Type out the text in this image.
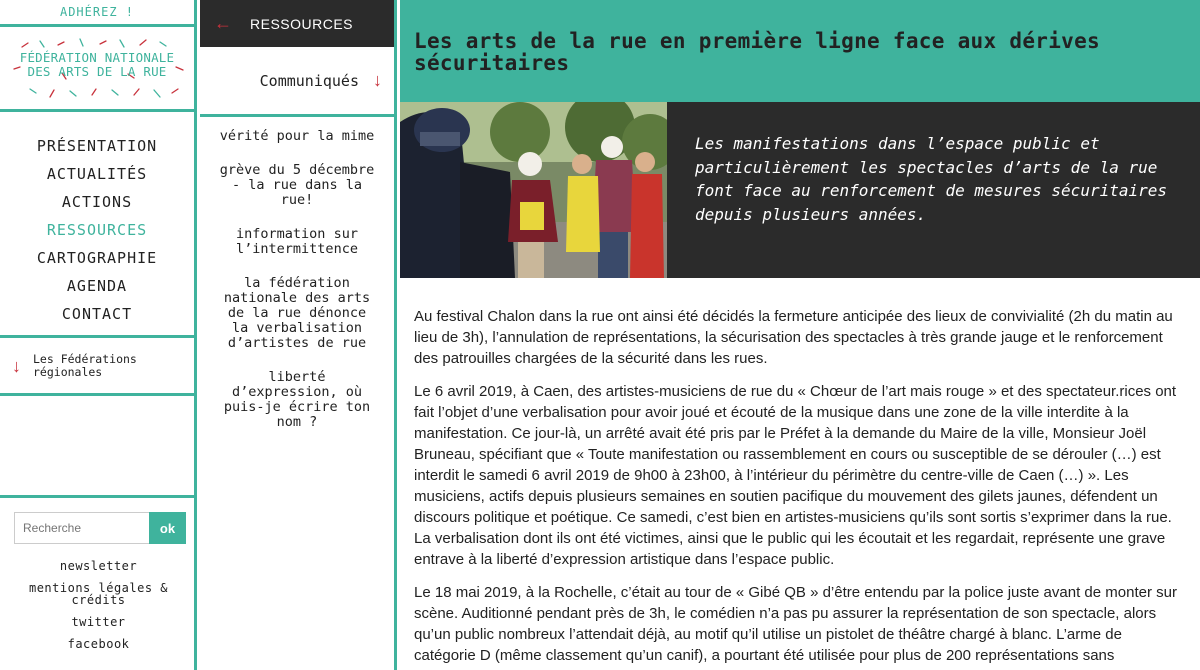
ADHÉREZ !
FÉDÉRATION NATIONALE
DES ARTS DE LA RUE
PRÉSENTATION
ACTUALITÉS
ACTIONS
RESSOURCES
CARTOGRAPHIE
AGENDA
CONTACT
↓ Les Fédérations
régionales
Recherche
ok
newsletter
mentions légales & crédits
twitter
facebook
← RESSOURCES
Communiqués ↓
vérité pour la mime
grève du 5 décembre - la rue dans la rue!
information sur l’intermittence
la fédération nationale des arts de la rue dénonce la verbalisation d’artistes de rue
liberté d’expression, où puis-je écrire ton nom ?
Les arts de la rue en première ligne face aux dérives sécuritaires
Les manifestations dans l’espace public et particulièrement les spectacles d’arts de la rue font face au renforcement de mesures sécuritaires depuis plusieurs années.

Au festival Chalon dans la rue ont ainsi été décidés la fermeture anticipée des lieux de convivialité (2h du matin au lieu de 3h), l’annulation de représentations, la sécurisation des spectacles à très grande jauge et le renforcement des patrouilles chargées de la sécurité dans les rues.

Le 6 avril 2019, à Caen, des artistes-musiciens de rue du « Chœur de l’art mais rouge » et des spectateur.rices ont fait l’objet d’une verbalisation pour avoir joué et écouté de la musique dans une zone de la ville interdite à la manifestation. Ce jour-là, un arrêté avait été pris par le Préfet à la demande du Maire de la ville, Monsieur Joël Bruneau, spécifiant que « Toute manifestation ou rassemblement en cours ou susceptible de se dérouler (…) est interdit le samedi 6 avril 2019 de 9h00 à 23h00, à l’intérieur du périmètre du centre-ville de Caen (…) ». Les musiciens, actifs depuis plusieurs semaines en soutien pacifique du mouvement des gilets jaunes, défendent un discours politique et poétique. Ce samedi, c’est bien en artistes-musiciens qu’ils sont sortis s’exprimer dans la rue. La verbalisation dont ils ont été victimes, ainsi que le public qui les écoutait et les regardait, représente une grave entrave à la liberté d’expression artistique dans l’espace public.

Le 18 mai 2019, à la Rochelle, c’était au tour de « Gibé QB » d’être entendu par la police juste avant de monter sur scène. Auditionné pendant près de 3h, le comédien n’a pas pu assurer la représentation de son spectacle, alors qu’un public nombreux l’attendait déjà, au motif qu’il utilise un pistolet de théâtre chargé à blanc. L’arme de catégorie D (même classement qu’un canif), a pourtant été utilisée pour plus de 200 représentations sans
